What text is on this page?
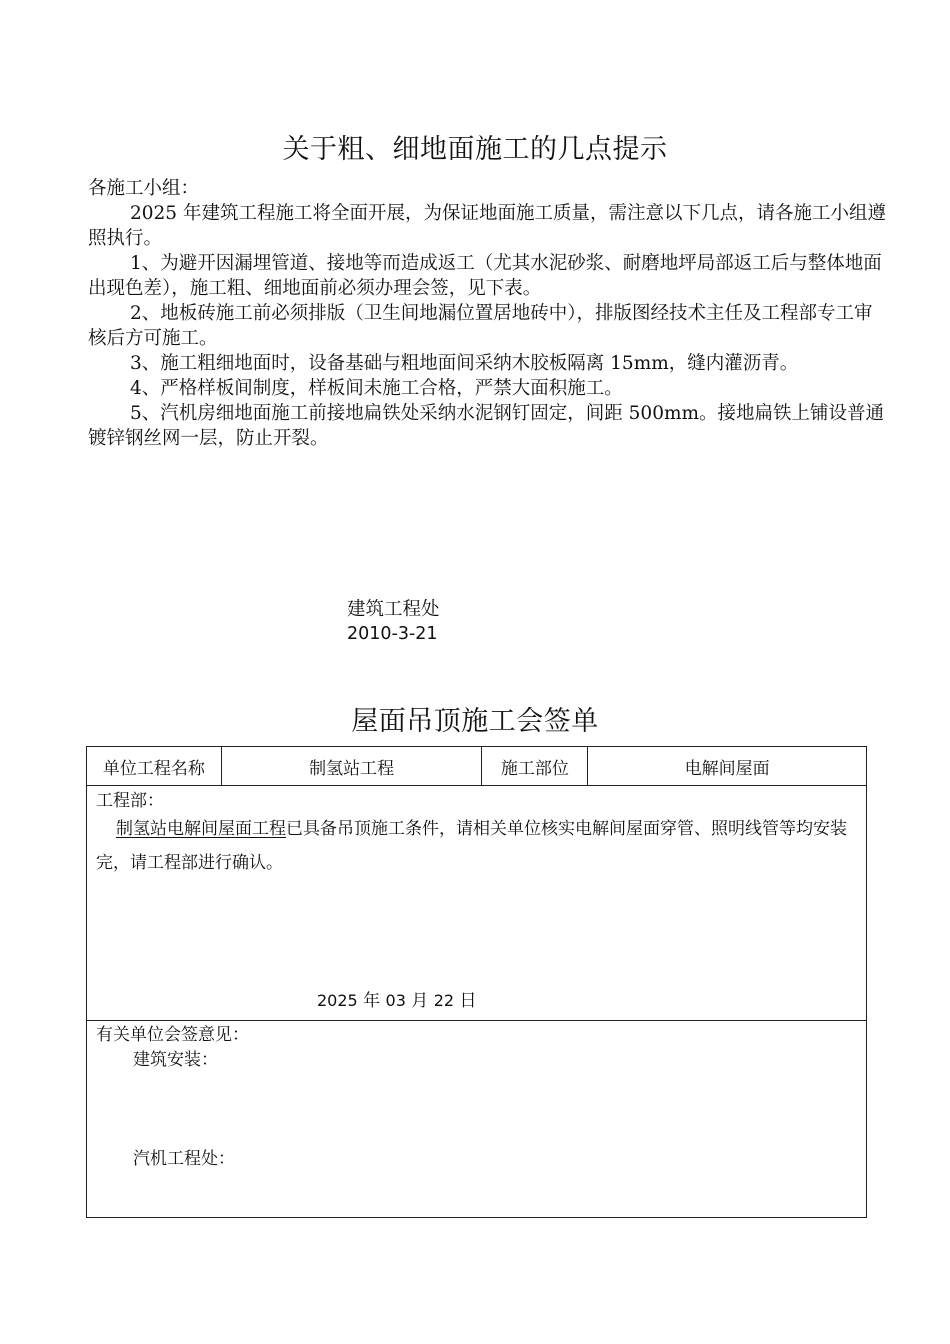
关于粗、细地面施工的几点提示

各施工小组：

2025 年建筑工程施工将全面开展，为保证地面施工质量，需注意以下几点，请各施工小组遵照执行。

1、为避开因漏埋管道、接地等而造成返工（尤其水泥砂浆、耐磨地坪局部返工后与整体地面出现色差），施工粗、细地面前必须办理会签，见下表。

2、地板砖施工前必须排版（卫生间地漏位置居地砖中），排版图经技术主任及工程部专工审核后方可施工。

3、施工粗细地面时，设备基础与粗地面间采纳木胶板隔离 15mm，缝内灌沥青。

4、严格样板间制度，样板间未施工合格，严禁大面积施工。

5、汽机房细地面施工前接地扁铁处采纳水泥钢钉固定，间距 500mm。接地扁铁上铺设普通镀锌钢丝网一层，防止开裂。

建筑工程处
2010-3-21
屋面吊顶施工会签单
单位工程名称	制氢站工程	施工部位	电解间屋面

工程部：
制氢站电解间屋面工程已具备吊顶施工条件，请相关单位核实电解间屋面穿管、照明线管等均安装完，请工程部进行确认。
2025 年 03 月 22 日

有关单位会签意见：
建筑安装：
汽机工程处：
